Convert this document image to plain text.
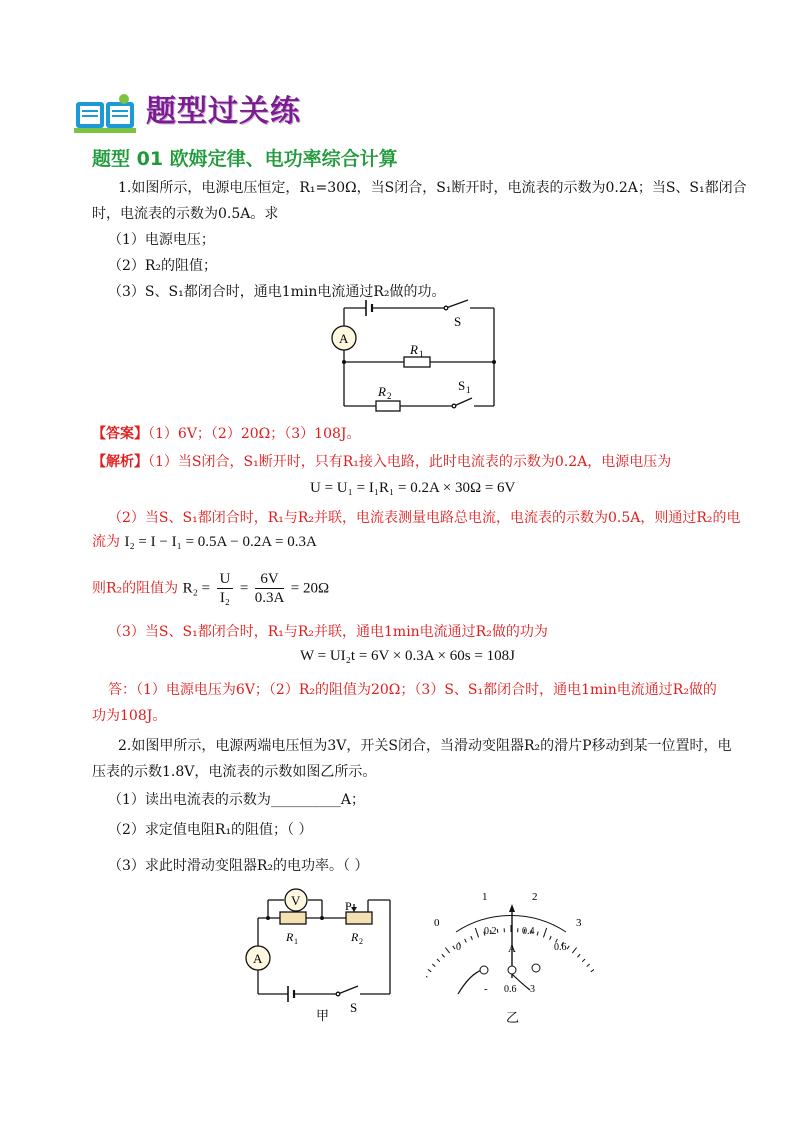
题型过关练
题型 01 欧姆定律、电功率综合计算
1.如图所示，电源电压恒定，R₁=30Ω，当S闭合，S₁断开时，电流表的示数为0.2A；当S、S₁都闭合
时，电流表的示数为0.5A。求
（1）电源电压；
（2）R₂的阻值；
（3）S、S₁都闭合时，通电1min电流通过R₂做的功。
A
S
R 1
R 2
S 1
【答案】（1）6V；（2）20Ω；（3）108J。
【解析】（1）当S闭合，S₁断开时，只有R₁接入电路，此时电流表的示数为0.2A，电源电压为
U = U₁ = I₁R₁ = 0.2A × 30Ω = 6V
（2）当S、S₁都闭合时，R₁与R₂并联，电流表测量电路总电流，电流表的示数为0.5A，则通过R₂的电
流为 I₂ = I − I₁ = 0.5A − 0.2A = 0.3A
则R₂的阻值为 $R_2 = \frac{U}{\text{I₂}} = \frac{6V}{0.3A} = 20\Omega$
（3）当S、S₁都闭合时，R₁与R₂并联，通电1min电流通过R₂做的功为
W = UI₂t = 6V × 0.3A × 60s = 108J
答：（1）电源电压为6V；（2）R₂的阻值为20Ω；（3）S、S₁都闭合时，通电1min电流通过R₂做的
功为108J。
2.如图甲所示，电源两端电压恒为3V，开关S闭合，当滑动变阻器R₂的滑片P移动到某一位置时，电
压表的示数1.8V，电流表的示数如图乙所示。
（1）读出电流表的示数为__________A；
（2）求定值电阻R₁的阻值；（ ）
（3）求此时滑动变阻器R₂的电功率。（ ）
V
A
P
R 1	R 2
S
甲
0
1	2
3
0
0.2	0.4
0.6
A
- 0.6 3
乙
